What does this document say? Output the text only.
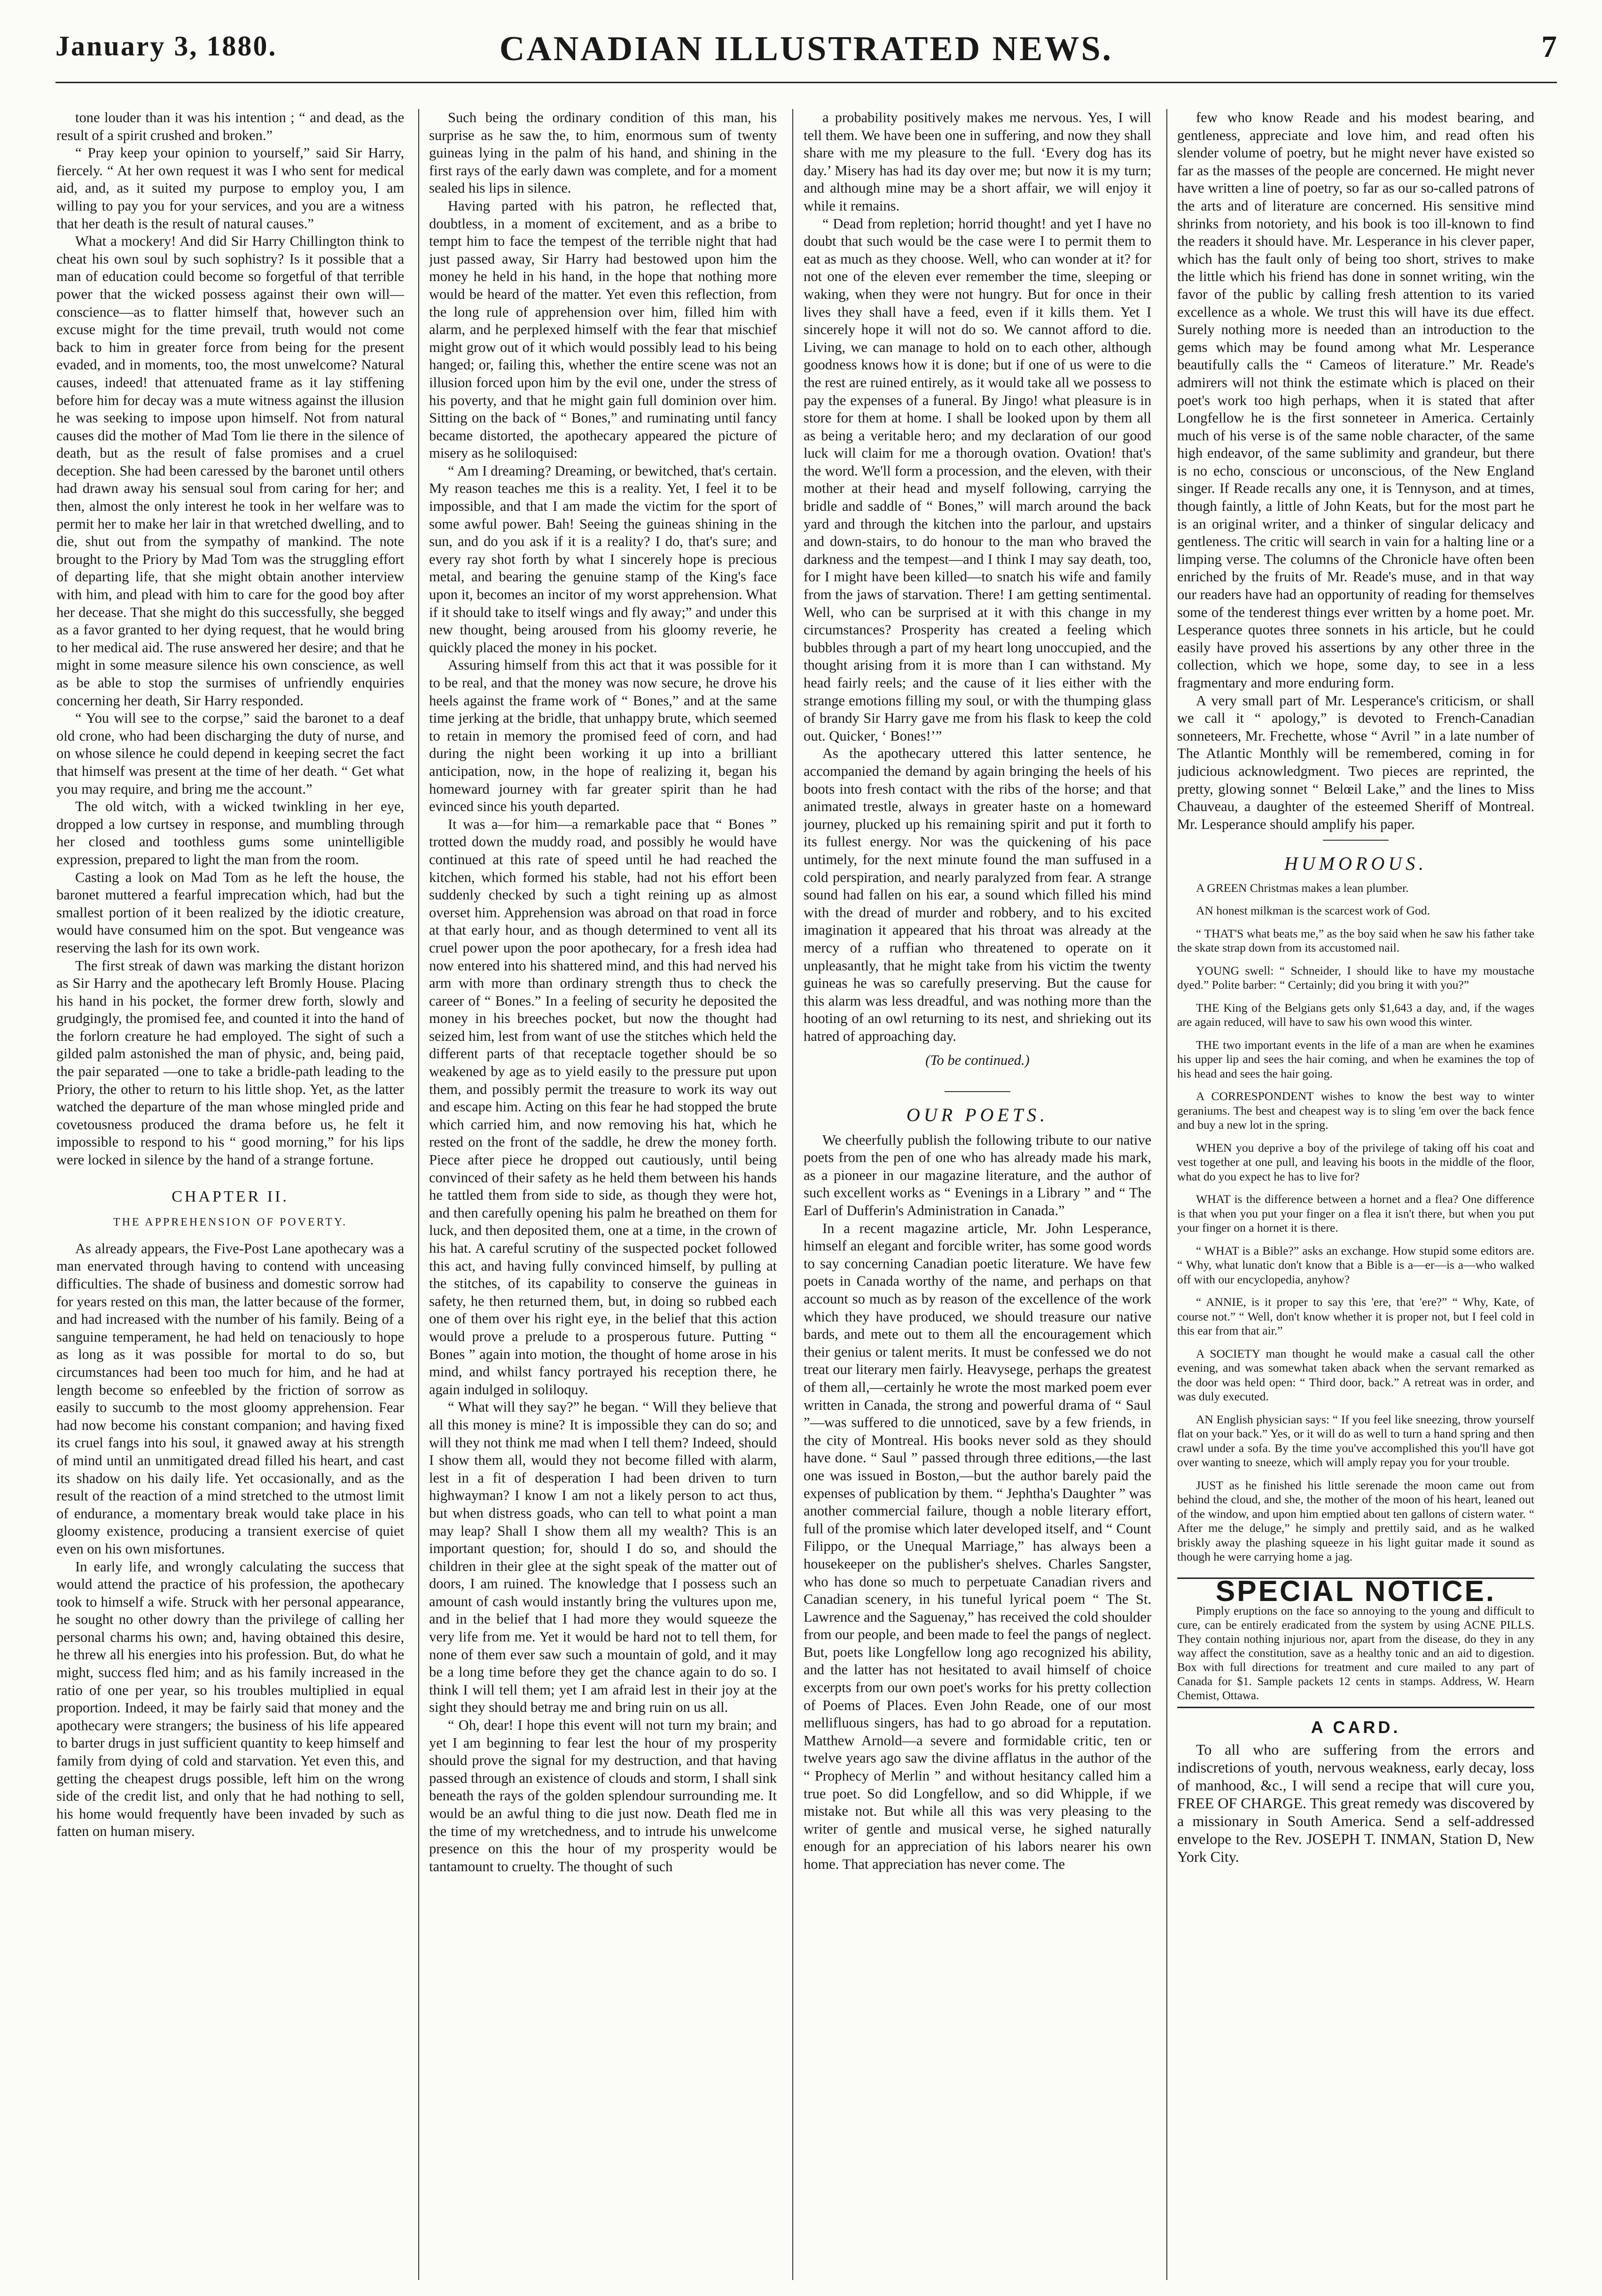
January 3, 1880.	CANADIAN ILLUSTRATED NEWS.	7

tone louder than it was his intention ; “ and dead, as the result of a spirit crushed and broken.”

“ Pray keep your opinion to yourself,” said Sir Harry, fiercely. “ At her own request it was I who sent for medical aid, and, as it suited my purpose to employ you, I am willing to pay you for your services, and you are a witness that her death is the result of natural causes.”

What a mockery! And did Sir Harry Chillington think to cheat his own soul by such sophistry? Is it possible that a man of education could become so forgetful of that terrible power that the wicked possess against their own will—conscience—as to flatter himself that, however such an excuse might for the time prevail, truth would not come back to him in greater force from being for the present evaded, and in moments, too, the most unwelcome? Natural causes, indeed! that attenuated frame as it lay stiffening before him for decay was a mute witness against the illusion he was seeking to impose upon himself. Not from natural causes did the mother of Mad Tom lie there in the silence of death, but as the result of false promises and a cruel deception. She had been caressed by the baronet until others had drawn away his sensual soul from caring for her; and then, almost the only interest he took in her welfare was to permit her to make her lair in that wretched dwelling, and to die, shut out from the sympathy of mankind. The note brought to the Priory by Mad Tom was the struggling effort of departing life, that she might obtain another interview with him, and plead with him to care for the good boy after her decease. That she might do this successfully, she begged as a favor granted to her dying request, that he would bring to her medical aid. The ruse answered her desire; and that he might in some measure silence his own conscience, as well as be able to stop the surmises of unfriendly enquiries concerning her death, Sir Harry responded.

“ You will see to the corpse,” said the baronet to a deaf old crone, who had been discharging the duty of nurse, and on whose silence he could depend in keeping secret the fact that himself was present at the time of her death. “ Get what you may require, and bring me the account.”

The old witch, with a wicked twinkling in her eye, dropped a low curtsey in response, and mumbling through her closed and toothless gums some unintelligible expression, prepared to light the man from the room.

Casting a look on Mad Tom as he left the house, the baronet muttered a fearful imprecation which, had but the smallest portion of it been realized by the idiotic creature, would have consumed him on the spot. But vengeance was reserving the lash for its own work.

The first streak of dawn was marking the distant horizon as Sir Harry and the apothecary left Bromly House. Placing his hand in his pocket, the former drew forth, slowly and grudgingly, the promised fee, and counted it into the hand of the forlorn creature he had employed. The sight of such a gilded palm astonished the man of physic, and, being paid, the pair separated —one to take a bridle-path leading to the Priory, the other to return to his little shop. Yet, as the latter watched the departure of the man whose mingled pride and covetousness produced the drama before us, he felt it impossible to respond to his “ good morning,” for his lips were locked in silence by the hand of a strange fortune.

CHAPTER II.
THE APPREHENSION OF POVERTY.

As already appears, the Five-Post Lane apothecary was a man enervated through having to contend with unceasing difficulties. The shade of business and domestic sorrow had for years rested on this man, the latter because of the former, and had increased with the number of his family. Being of a sanguine temperament, he had held on tenaciously to hope as long as it was possible for mortal to do so, but circumstances had been too much for him, and he had at length become so enfeebled by the friction of sorrow as easily to succumb to the most gloomy apprehension. Fear had now become his constant companion; and having fixed its cruel fangs into his soul, it gnawed away at his strength of mind until an unmitigated dread filled his heart, and cast its shadow on his daily life. Yet occasionally, and as the result of the reaction of a mind stretched to the utmost limit of endurance, a momentary break would take place in his gloomy existence, producing a transient exercise of quiet even on his own misfortunes.

In early life, and wrongly calculating the success that would attend the practice of his profession, the apothecary took to himself a wife. Struck with her personal appearance, he sought no other dowry than the privilege of calling her personal charms his own; and, having obtained this desire, he threw all his energies into his profession. But, do what he might, success fled him; and as his family increased in the ratio of one per year, so his troubles multiplied in equal proportion. Indeed, it may be fairly said that money and the apothecary were strangers; the business of his life appeared to barter drugs in just sufficient quantity to keep himself and family from dying of cold and starvation. Yet even this, and getting the cheapest drugs possible, left him on the wrong side of the credit list, and only that he had nothing to sell, his home would frequently have been invaded by such as fatten on human misery.

Such being the ordinary condition of this man, his surprise as he saw the, to him, enormous sum of twenty guineas lying in the palm of his hand, and shining in the first rays of the early dawn was complete, and for a moment sealed his lips in silence.

Having parted with his patron, he reflected that, doubtless, in a moment of excitement, and as a bribe to tempt him to face the tempest of the terrible night that had just passed away, Sir Harry had bestowed upon him the money he held in his hand, in the hope that nothing more would be heard of the matter. Yet even this reflection, from the long rule of apprehension over him, filled him with alarm, and he perplexed himself with the fear that mischief might grow out of it which would possibly lead to his being hanged; or, failing this, whether the entire scene was not an illusion forced upon him by the evil one, under the stress of his poverty, and that he might gain full dominion over him. Sitting on the back of “ Bones,” and ruminating until fancy became distorted, the apothecary appeared the picture of misery as he soliloquised:

“ Am I dreaming? Dreaming, or bewitched, that's certain. My reason teaches me this is a reality. Yet, I feel it to be impossible, and that I am made the victim for the sport of some awful power. Bah! Seeing the guineas shining in the sun, and do you ask if it is a reality? I do, that's sure; and every ray shot forth by what I sincerely hope is precious metal, and bearing the genuine stamp of the King's face upon it, becomes an incitor of my worst apprehension. What if it should take to itself wings and fly away;” and under this new thought, being aroused from his gloomy reverie, he quickly placed the money in his pocket.

Assuring himself from this act that it was possible for it to be real, and that the money was now secure, he drove his heels against the frame work of “ Bones,” and at the same time jerking at the bridle, that unhappy brute, which seemed to retain in memory the promised feed of corn, and had during the night been working it up into a brilliant anticipation, now, in the hope of realizing it, began his homeward journey with far greater spirit than he had evinced since his youth departed.

It was a—for him—a remarkable pace that “ Bones ” trotted down the muddy road, and possibly he would have continued at this rate of speed until he had reached the kitchen, which formed his stable, had not his effort been suddenly checked by such a tight reining up as almost overset him. Apprehension was abroad on that road in force at that early hour, and as though determined to vent all its cruel power upon the poor apothecary, for a fresh idea had now entered into his shattered mind, and this had nerved his arm with more than ordinary strength thus to check the career of “ Bones.” In a feeling of security he deposited the money in his breeches pocket, but now the thought had seized him, lest from want of use the stitches which held the different parts of that receptacle together should be so weakened by age as to yield easily to the pressure put upon them, and possibly permit the treasure to work its way out and escape him. Acting on this fear he had stopped the brute which carried him, and now removing his hat, which he rested on the front of the saddle, he drew the money forth. Piece after piece he dropped out cautiously, until being convinced of their safety as he held them between his hands he tattled them from side to side, as though they were hot, and then carefully opening his palm he breathed on them for luck, and then deposited them, one at a time, in the crown of his hat. A careful scrutiny of the suspected pocket followed this act, and having fully convinced himself, by pulling at the stitches, of its capability to conserve the guineas in safety, he then returned them, but, in doing so rubbed each one of them over his right eye, in the belief that this action would prove a prelude to a prosperous future. Putting “ Bones ” again into motion, the thought of home arose in his mind, and whilst fancy portrayed his reception there, he again indulged in soliloquy.

“ What will they say?” he began. “ Will they believe that all this money is mine? It is impossible they can do so; and will they not think me mad when I tell them? Indeed, should I show them all, would they not become filled with alarm, lest in a fit of desperation I had been driven to turn highwayman? I know I am not a likely person to act thus, but when distress goads, who can tell to what point a man may leap? Shall I show them all my wealth? This is an important question; for, should I do so, and should the children in their glee at the sight speak of the matter out of doors, I am ruined. The knowledge that I possess such an amount of cash would instantly bring the vultures upon me, and in the belief that I had more they would squeeze the very life from me. Yet it would be hard not to tell them, for none of them ever saw such a mountain of gold, and it may be a long time before they get the chance again to do so. I think I will tell them; yet I am afraid lest in their joy at the sight they should betray me and bring ruin on us all.

“ Oh, dear! I hope this event will not turn my brain; and yet I am beginning to fear lest the hour of my prosperity should prove the signal for my destruction, and that having passed through an existence of clouds and storm, I shall sink beneath the rays of the golden splendour surrounding me. It would be an awful thing to die just now. Death fled me in the time of my wretchedness, and to intrude his unwelcome presence on this the hour of my prosperity would be tantamount to cruelty. The thought of such

a probability positively makes me nervous. Yes, I will tell them. We have been one in suffering, and now they shall share with me my pleasure to the full. ‘Every dog has its day.’ Misery has had its day over me; but now it is my turn; and although mine may be a short affair, we will enjoy it while it remains.

“ Dead from repletion; horrid thought! and yet I have no doubt that such would be the case were I to permit them to eat as much as they choose. Well, who can wonder at it? for not one of the eleven ever remember the time, sleeping or waking, when they were not hungry. But for once in their lives they shall have a feed, even if it kills them. Yet I sincerely hope it will not do so. We cannot afford to die. Living, we can manage to hold on to each other, although goodness knows how it is done; but if one of us were to die the rest are ruined entirely, as it would take all we possess to pay the expenses of a funeral. By Jingo! what pleasure is in store for them at home. I shall be looked upon by them all as being a veritable hero; and my declaration of our good luck will claim for me a thorough ovation. Ovation! that's the word. We'll form a procession, and the eleven, with their mother at their head and myself following, carrying the bridle and saddle of “ Bones,” will march around the back yard and through the kitchen into the parlour, and upstairs and down-stairs, to do honour to the man who braved the darkness and the tempest—and I think I may say death, too, for I might have been killed—to snatch his wife and family from the jaws of starvation. There! I am getting sentimental. Well, who can be surprised at it with this change in my circumstances? Prosperity has created a feeling which bubbles through a part of my heart long unoccupied, and the thought arising from it is more than I can withstand. My head fairly reels; and the cause of it lies either with the strange emotions filling my soul, or with the thumping glass of brandy Sir Harry gave me from his flask to keep the cold out. Quicker, ‘ Bones!’”

As the apothecary uttered this latter sentence, he accompanied the demand by again bringing the heels of his boots into fresh contact with the ribs of the horse; and that animated trestle, always in greater haste on a homeward journey, plucked up his remaining spirit and put it forth to its fullest energy. Nor was the quickening of his pace untimely, for the next minute found the man suffused in a cold perspiration, and nearly paralyzed from fear. A strange sound had fallen on his ear, a sound which filled his mind with the dread of murder and robbery, and to his excited imagination it appeared that his throat was already at the mercy of a ruffian who threatened to operate on it unpleasantly, that he might take from his victim the twenty guineas he was so carefully preserving. But the cause for this alarm was less dreadful, and was nothing more than the hooting of an owl returning to its nest, and shrieking out its hatred of approaching day.

(To be continued.)
OUR POETS.

We cheerfully publish the following tribute to our native poets from the pen of one who has already made his mark, as a pioneer in our magazine literature, and the author of such excellent works as “ Evenings in a Library ” and “ The Earl of Dufferin's Administration in Canada.”

In a recent magazine article, Mr. John Lesperance, himself an elegant and forcible writer, has some good words to say concerning Canadian poetic literature. We have few poets in Canada worthy of the name, and perhaps on that account so much as by reason of the excellence of the work which they have produced, we should treasure our native bards, and mete out to them all the encouragement which their genius or talent merits. It must be confessed we do not treat our literary men fairly. Heavysege, perhaps the greatest of them all,—certainly he wrote the most marked poem ever written in Canada, the strong and powerful drama of “ Saul ”—was suffered to die unnoticed, save by a few friends, in the city of Montreal. His books never sold as they should have done. “ Saul ” passed through three editions,—the last one was issued in Boston,—but the author barely paid the expenses of publication by them. “ Jephtha's Daughter ” was another commercial failure, though a noble literary effort, full of the promise which later developed itself, and “ Count Filippo, or the Unequal Marriage,” has always been a housekeeper on the publisher's shelves. Charles Sangster, who has done so much to perpetuate Canadian rivers and Canadian scenery, in his tuneful lyrical poem “ The St. Lawrence and the Saguenay,” has received the cold shoulder from our people, and been made to feel the pangs of neglect. But, poets like Longfellow long ago recognized his ability, and the latter has not hesitated to avail himself of choice excerpts from our own poet's works for his pretty collection of Poems of Places. Even John Reade, one of our most mellifluous singers, has had to go abroad for a reputation. Matthew Arnold—a severe and formidable critic, ten or twelve years ago saw the divine afflatus in the author of the “ Prophecy of Merlin ” and without hesitancy called him a true poet. So did Longfellow, and so did Whipple, if we mistake not. But while all this was very pleasing to the writer of gentle and musical verse, he sighed naturally enough for an appreciation of his labors nearer his own home. That appreciation has never come. The

few who know Reade and his modest bearing, and gentleness, appreciate and love him, and read often his slender volume of poetry, but he might never have existed so far as the masses of the people are concerned. He might never have written a line of poetry, so far as our so-called patrons of the arts and of literature are concerned. His sensitive mind shrinks from notoriety, and his book is too ill-known to find the readers it should have. Mr. Lesperance in his clever paper, which has the fault only of being too short, strives to make the little which his friend has done in sonnet writing, win the favor of the public by calling fresh attention to its varied excellence as a whole. We trust this will have its due effect. Surely nothing more is needed than an introduction to the gems which may be found among what Mr. Lesperance beautifully calls the “ Cameos of literature.” Mr. Reade's admirers will not think the estimate which is placed on their poet's work too high perhaps, when it is stated that after Longfellow he is the first sonneteer in America. Certainly much of his verse is of the same noble character, of the same high endeavor, of the same sublimity and grandeur, but there is no echo, conscious or unconscious, of the New England singer. If Reade recalls any one, it is Tennyson, and at times, though faintly, a little of John Keats, but for the most part he is an original writer, and a thinker of singular delicacy and gentleness. The critic will search in vain for a halting line or a limping verse. The columns of the Chronicle have often been enriched by the fruits of Mr. Reade's muse, and in that way our readers have had an opportunity of reading for themselves some of the tenderest things ever written by a home poet. Mr. Lesperance quotes three sonnets in his article, but he could easily have proved his assertions by any other three in the collection, which we hope, some day, to see in a less fragmentary and more enduring form.

A very small part of Mr. Lesperance's criticism, or shall we call it “ apology,” is devoted to French-Canadian sonneteers, Mr. Frechette, whose “ Avril ” in a late number of The Atlantic Monthly will be remembered, coming in for judicious acknowledgment. Two pieces are reprinted, the pretty, glowing sonnet “ Belœil Lake,” and the lines to Miss Chauveau, a daughter of the esteemed Sheriff of Montreal. Mr. Lesperance should amplify his paper.

HUMOROUS.
A GREEN Christmas makes a lean plumber.
AN honest milkman is the scarcest work of God.
“ THAT'S what beats me,” as the boy said when he saw his father take the skate strap down from its accustomed nail.
YOUNG swell: “ Schneider, I should like to have my moustache dyed.” Polite barber: “ Certainly; did you bring it with you?”
THE King of the Belgians gets only $1,643 a day, and, if the wages are again reduced, will have to saw his own wood this winter.
THE two important events in the life of a man are when he examines his upper lip and sees the hair coming, and when he examines the top of his head and sees the hair going.
A CORRESPONDENT wishes to know the best way to winter geraniums. The best and cheapest way is to sling 'em over the back fence and buy a new lot in the spring.
WHEN you deprive a boy of the privilege of taking off his coat and vest together at one pull, and leaving his boots in the middle of the floor, what do you expect he has to live for?
WHAT is the difference between a hornet and a flea? One difference is that when you put your finger on a flea it isn't there, but when you put your finger on a hornet it is there.
“ WHAT is a Bible?” asks an exchange. How stupid some editors are. “ Why, what lunatic don't know that a Bible is a—er—is a—who walked off with our encyclopedia, anyhow?
“ ANNIE, is it proper to say this 'ere, that 'ere?” “ Why, Kate, of course not.” “ Well, don't know whether it is proper not, but I feel cold in this ear from that air.”
A SOCIETY man thought he would make a casual call the other evening, and was somewhat taken aback when the servant remarked as the door was held open: “ Third door, back.” A retreat was in order, and was duly executed.
AN English physician says: “ If you feel like sneezing, throw yourself flat on your back.” Yes, or it will do as well to turn a hand spring and then crawl under a sofa. By the time you've accomplished this you'll have got over wanting to sneeze, which will amply repay you for your trouble.
JUST as he finished his little serenade the moon came out from behind the cloud, and she, the mother of the moon of his heart, leaned out of the window, and upon him emptied about ten gallons of cistern water. “ After me the deluge,” he simply and prettily said, and as he walked briskly away the plashing squeeze in his light guitar made it sound as though he were carrying home a jag.
SPECIAL NOTICE.
Pimply eruptions on the face so annoying to the young and difficult to cure, can be entirely eradicated from the system by using ACNE PILLS. They contain nothing injurious nor, apart from the disease, do they in any way affect the constitution, save as a healthy tonic and an aid to digestion. Box with full directions for treatment and cure mailed to any part of Canada for $1. Sample packets 12 cents in stamps. Address, W. Hearn Chemist, Ottawa.
A CARD.
To all who are suffering from the errors and indiscretions of youth, nervous weakness, early decay, loss of manhood, &c., I will send a recipe that will cure you, FREE OF CHARGE. This great remedy was discovered by a missionary in South America. Send a self-addressed envelope to the Rev. JOSEPH T. INMAN, Station D, New York City.
